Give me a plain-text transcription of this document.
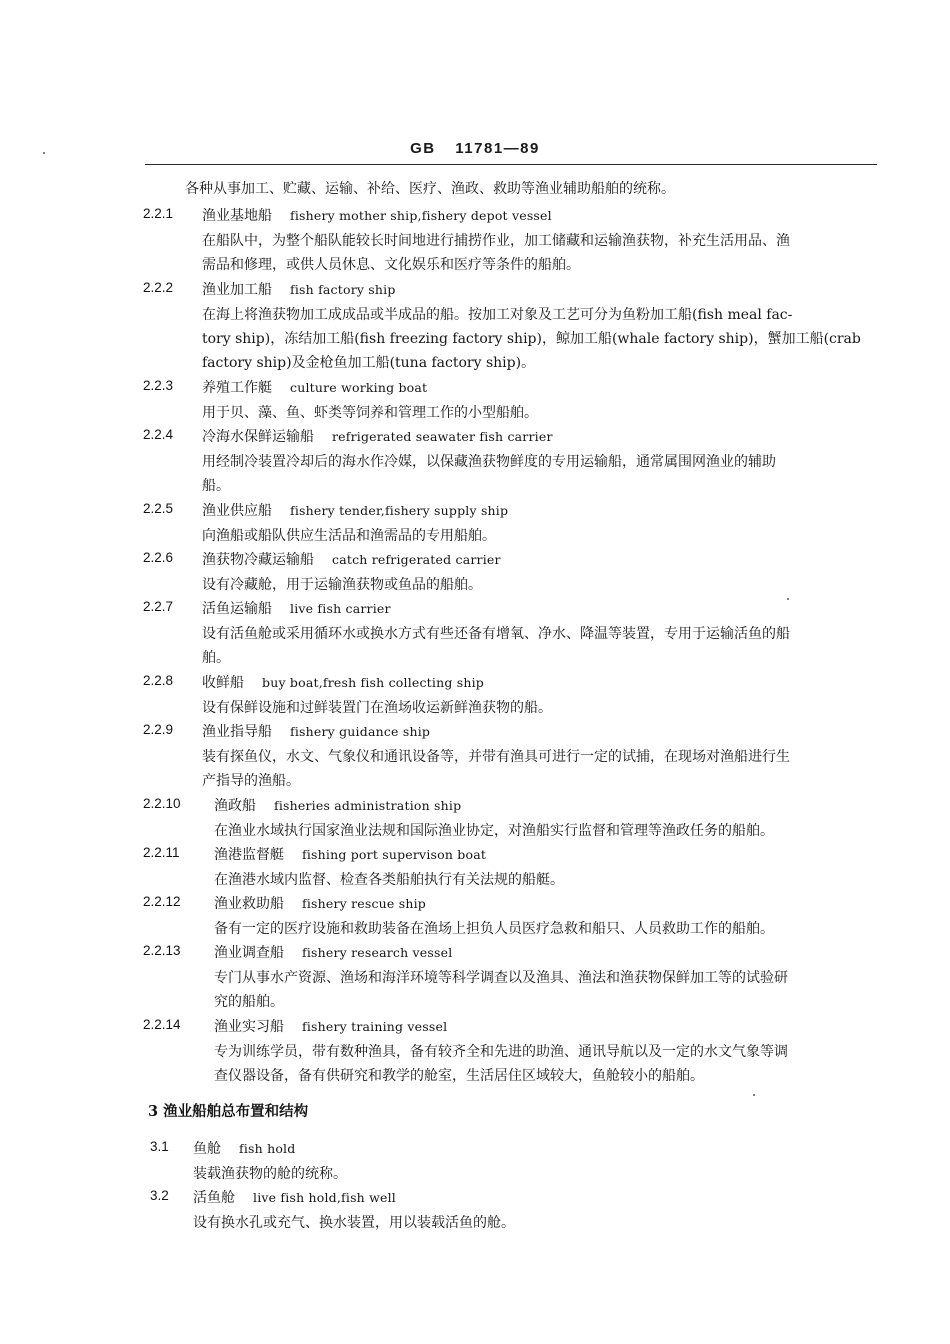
GB 11781—89
各种从事加工、贮藏、运输、补给、医疗、渔政、救助等渔业辅助船舶的统称。
2.2.1 渔业基地船 fishery mother ship,fishery depot vessel
在船队中，为整个船队能较长时间地进行捕捞作业，加工储藏和运输渔获物，补充生活用品、渔
需品和修理，或供人员休息、文化娱乐和医疗等条件的船舶。
2.2.2 渔业加工船 fish factory ship
在海上将渔获物加工成成品或半成品的船。按加工对象及工艺可分为鱼粉加工船(fish meal fac-
tory ship)，冻结加工船(fish freezing factory ship)，鲸加工船(whale factory ship)，蟹加工船(crab
factory ship)及金枪鱼加工船(tuna factory ship)。
2.2.3 养殖工作艇 culture working boat
用于贝、藻、鱼、虾类等饲养和管理工作的小型船舶。
2.2.4 冷海水保鲜运输船 refrigerated seawater fish carrier
用经制冷装置冷却后的海水作冷媒，以保藏渔获物鲜度的专用运输船，通常属围网渔业的辅助
船。
2.2.5 渔业供应船 fishery tender,fishery supply ship
向渔船或船队供应生活品和渔需品的专用船舶。
2.2.6 渔获物冷藏运输船 catch refrigerated carrier
设有冷藏舱，用于运输渔获物或鱼品的船舶。
2.2.7 活鱼运输船 live fish carrier
设有活鱼舱或采用循环水或换水方式有些还备有增氧、净水、降温等装置，专用于运输活鱼的船
舶。
2.2.8 收鲜船 buy boat,fresh fish collecting ship
设有保鲜设施和过鲜装置门在渔场收运新鲜渔获物的船。
2.2.9 渔业指导船 fishery guidance ship
装有探鱼仪，水文、气象仪和通讯设备等，并带有渔具可进行一定的试捕，在现场对渔船进行生
产指导的渔船。
2.2.10 渔政船 fisheries administration ship
在渔业水域执行国家渔业法规和国际渔业协定，对渔船实行监督和管理等渔政任务的船舶。
2.2.11 渔港监督艇 fishing port supervison boat
在渔港水域内监督、检查各类船舶执行有关法规的船艇。
2.2.12 渔业救助船 fishery rescue ship
备有一定的医疗设施和救助装备在渔场上担负人员医疗急救和船只、人员救助工作的船舶。
2.2.13 渔业调查船 fishery research vessel
专门从事水产资源、渔场和海洋环境等科学调查以及渔具、渔法和渔获物保鲜加工等的试验研
究的船舶。
2.2.14 渔业实习船 fishery training vessel
专为训练学员，带有数种渔具，备有较齐全和先进的助渔、通讯导航以及一定的水文气象等调
查仪器设备，备有供研究和教学的舱室，生活居住区域较大，鱼舱较小的船舶。
3 渔业船舶总布置和结构
3.1 鱼舱 fish hold
装载渔获物的舱的统称。
3.2 活鱼舱 live fish hold,fish well
设有换水孔或充气、换水装置，用以装载活鱼的舱。
